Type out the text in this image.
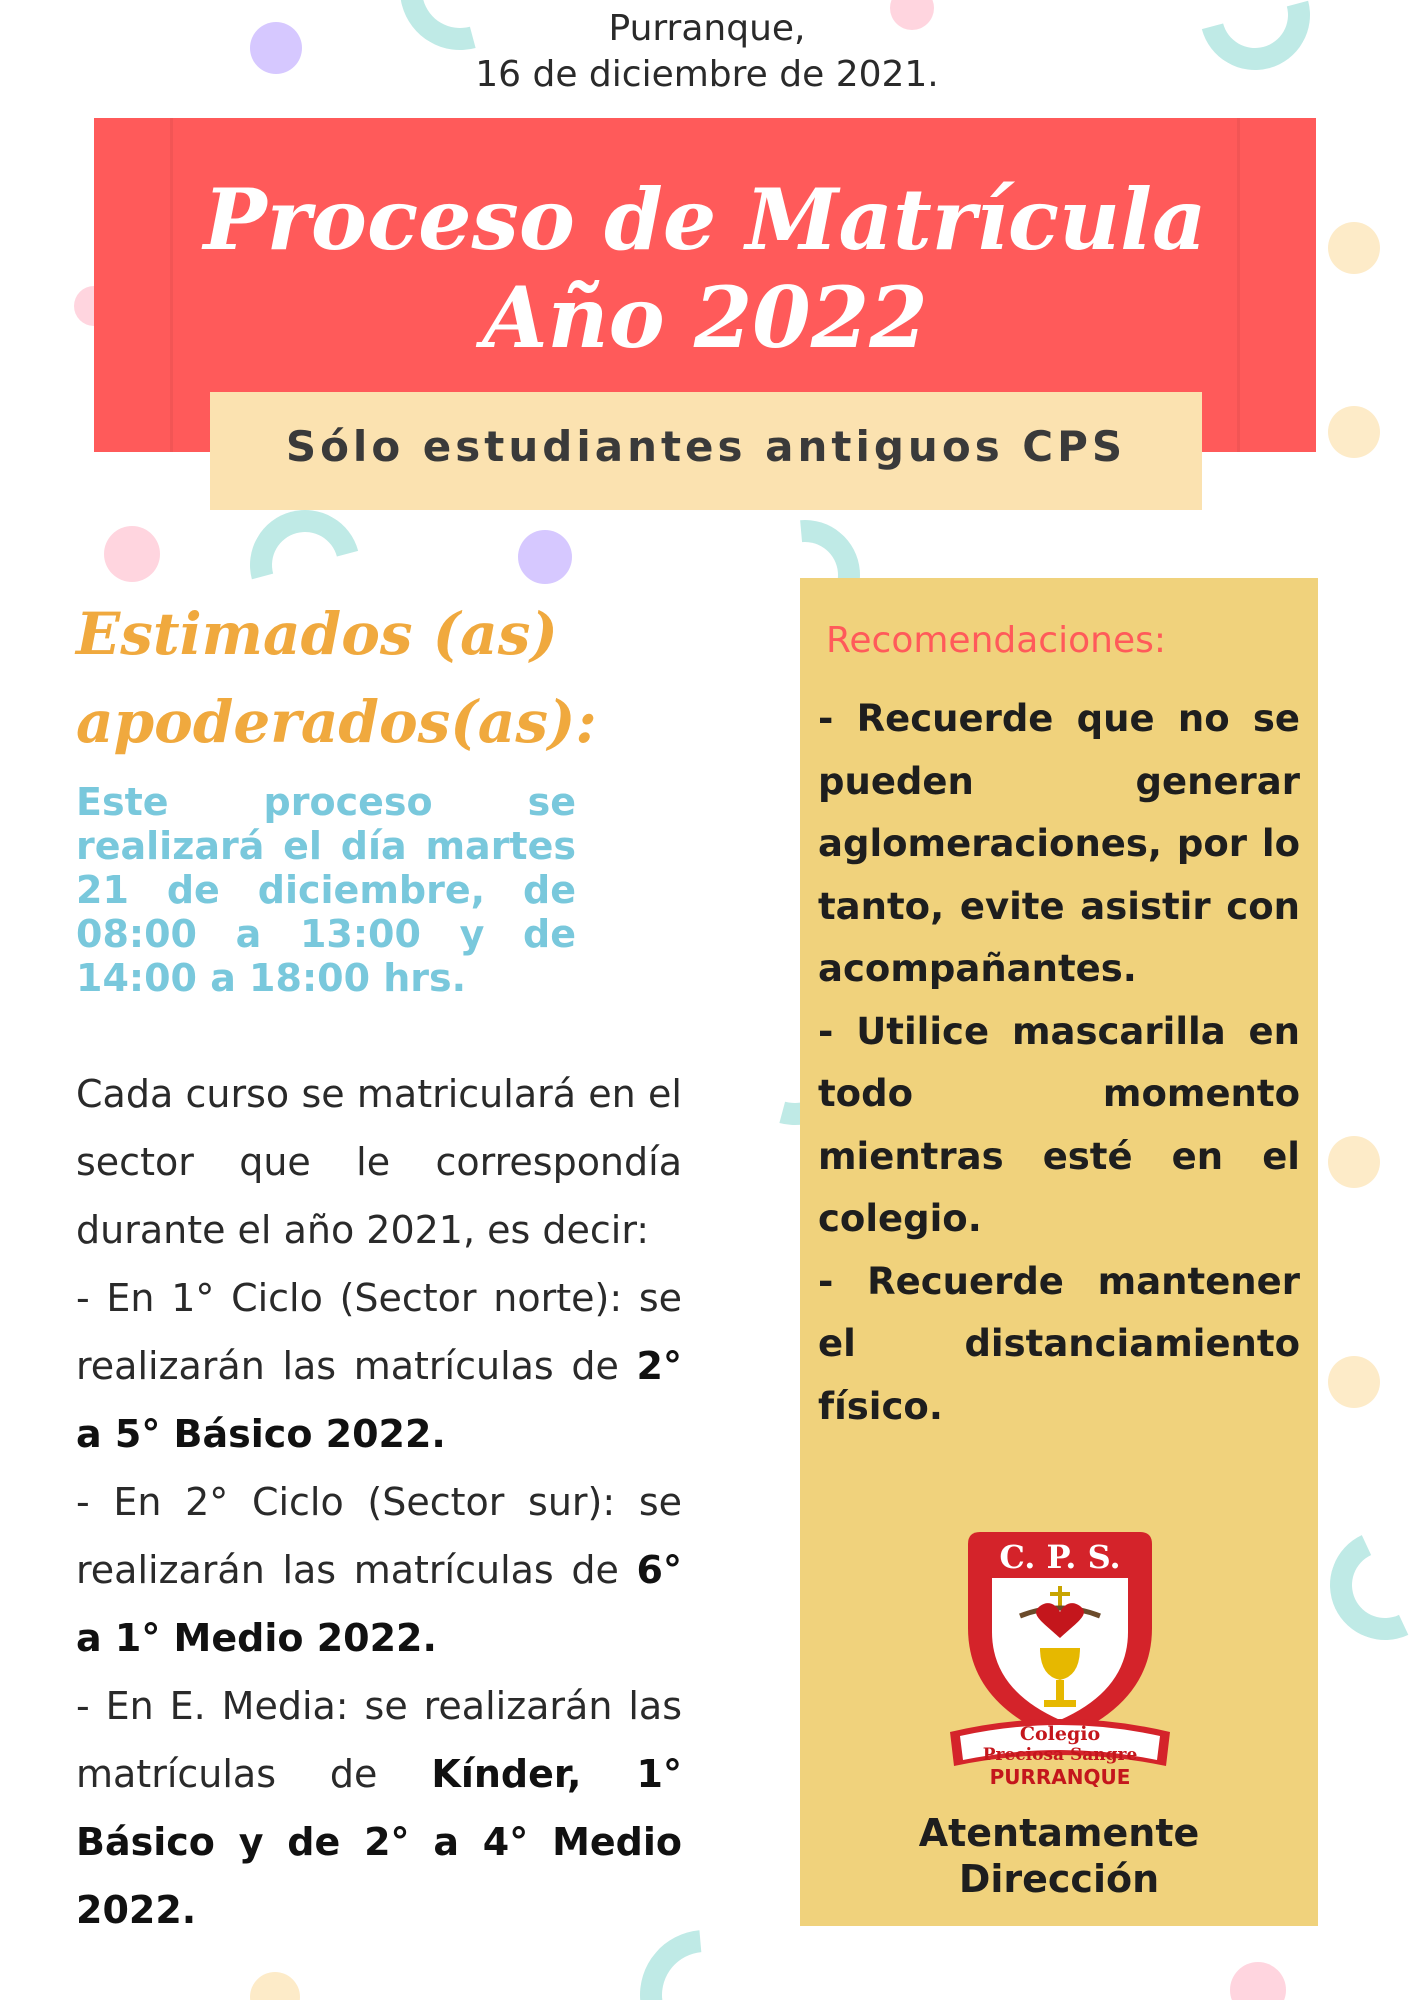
Purranque,
16 de diciembre de 2021.
Proceso de Matrícula
Año 2022
Sólo estudiantes antiguos CPS
Estimados (as) apoderados(as):
Este proceso se realizará el día martes 21 de diciembre, de 08:00 a 13:00 y de 14:00 a 18:00 hrs.

Cada curso se matriculará en el sector que le correspondía durante el año 2021, es decir:

- En 1° Ciclo (Sector norte): se realizarán las matrículas de 2° a 5° Básico 2022.

- En 2° Ciclo (Sector sur): se realizarán las matrículas de 6° a 1° Medio 2022.

- En E. Media: se realizarán las matrículas de Kínder, 1° Básico y de 2° a 4° Medio 2022.

Recomendaciones:

- Recuerde que no se pueden generar aglomeraciones, por lo tanto, evite asistir con acompañantes.

- Utilice mascarilla en todo momento mientras esté en el colegio.

- Recuerde mantener el distanciamiento físico.

C. P. S.
Colegio
Preciosa Sangre
PURRANQUE
Atentamente
Dirección
